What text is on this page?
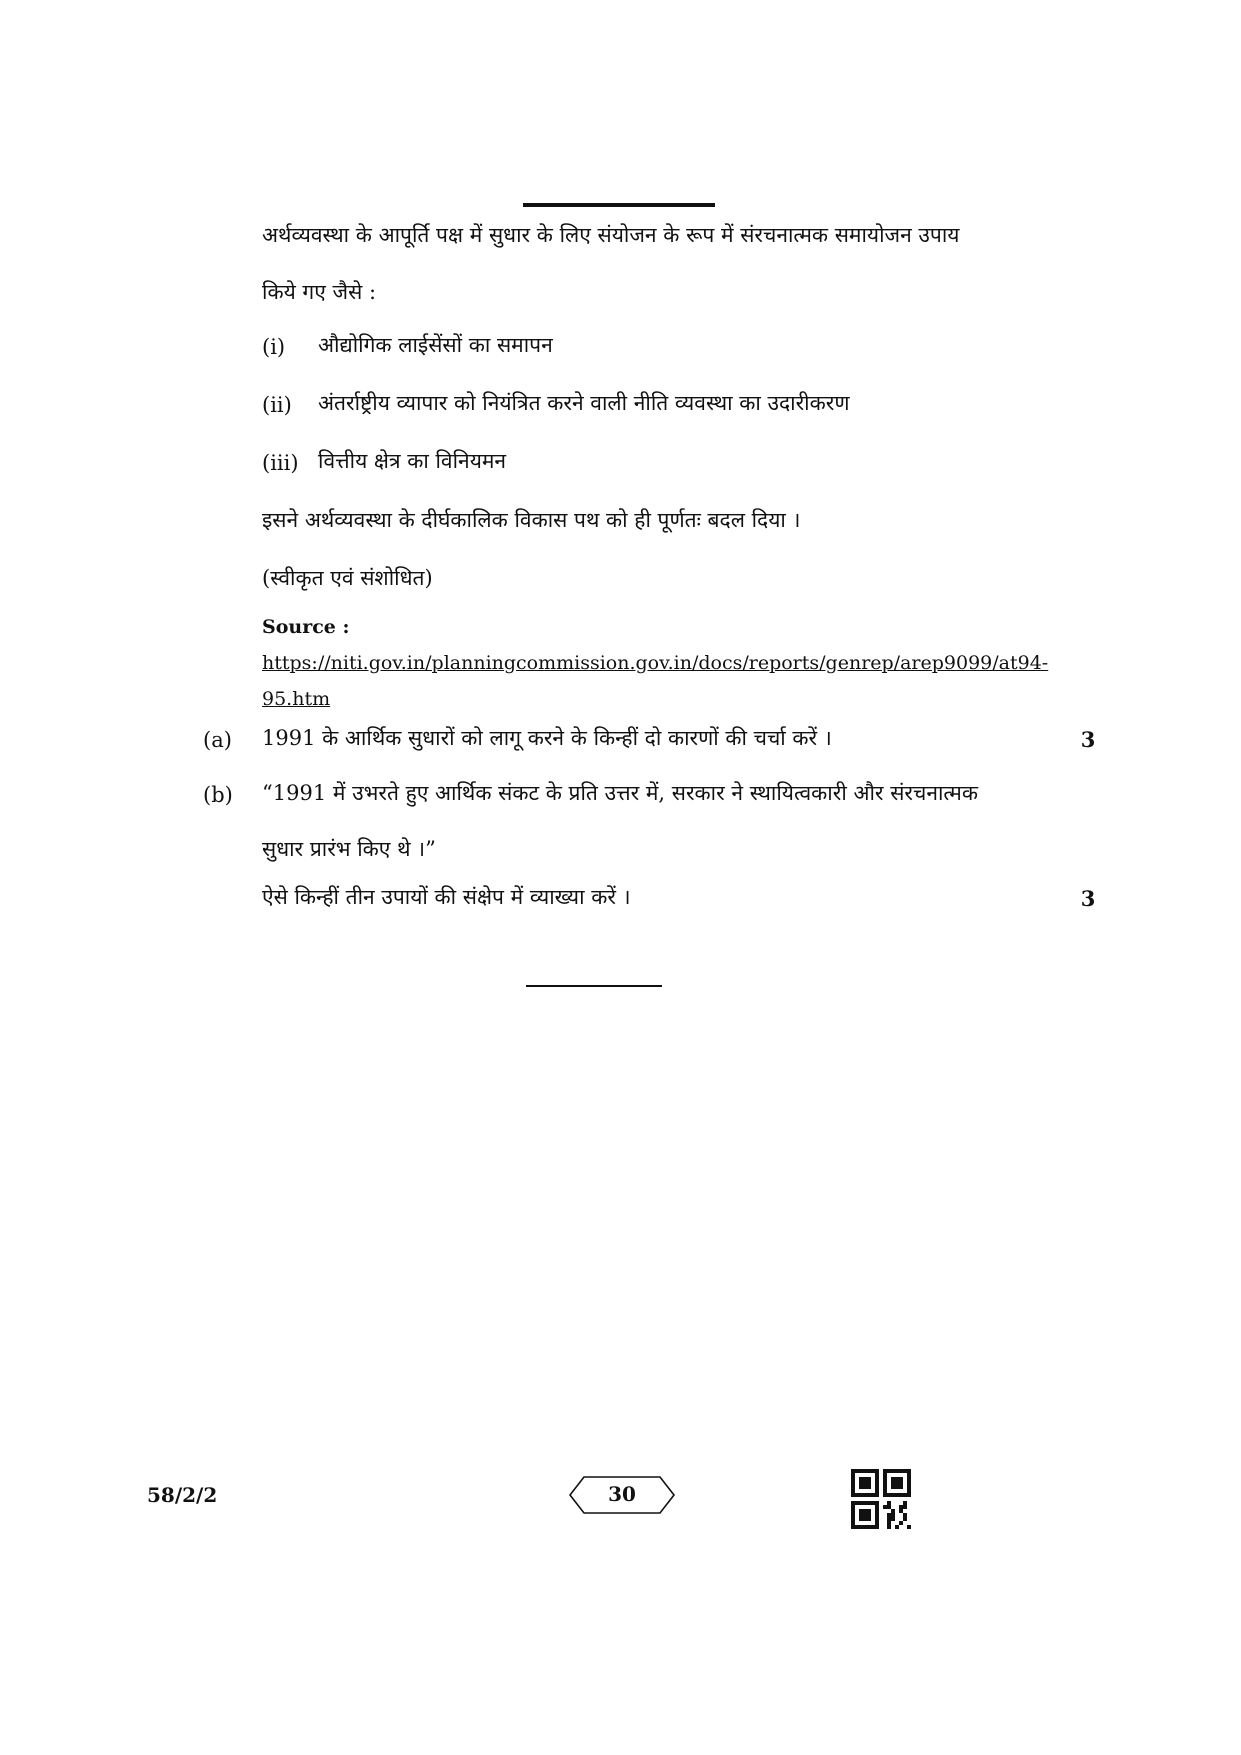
अर्थव्यवस्था के आपूर्ति पक्ष में सुधार के लिए संयोजन के रूप में संरचनात्मक समायोजन उपाय
किये गए जैसे :
(i) औद्योगिक लाईसेंसों का समापन
(ii) अंतर्राष्ट्रीय व्यापार को नियंत्रित करने वाली नीति व्यवस्था का उदारीकरण
(iii) वित्तीय क्षेत्र का विनियमन
इसने अर्थव्यवस्था के दीर्घकालिक विकास पथ को ही पूर्णतः बदल दिया ।
(स्वीकृत एवं संशोधित)
Source :
https://niti.gov.in/planningcommission.gov.in/docs/reports/genrep/arep9099/at94-
95.htm
(a) 1991 के आर्थिक सुधारों को लागू करने के किन्हीं दो कारणों की चर्चा करें ।	3
(b) “1991 में उभरते हुए आर्थिक संकट के प्रति उत्तर में, सरकार ने स्थायित्वकारी और संरचनात्मक
सुधार प्रारंभ किए थे ।”
ऐसे किन्हीं तीन उपायों की संक्षेप में व्याख्या करें ।	3
58/2/2	30
